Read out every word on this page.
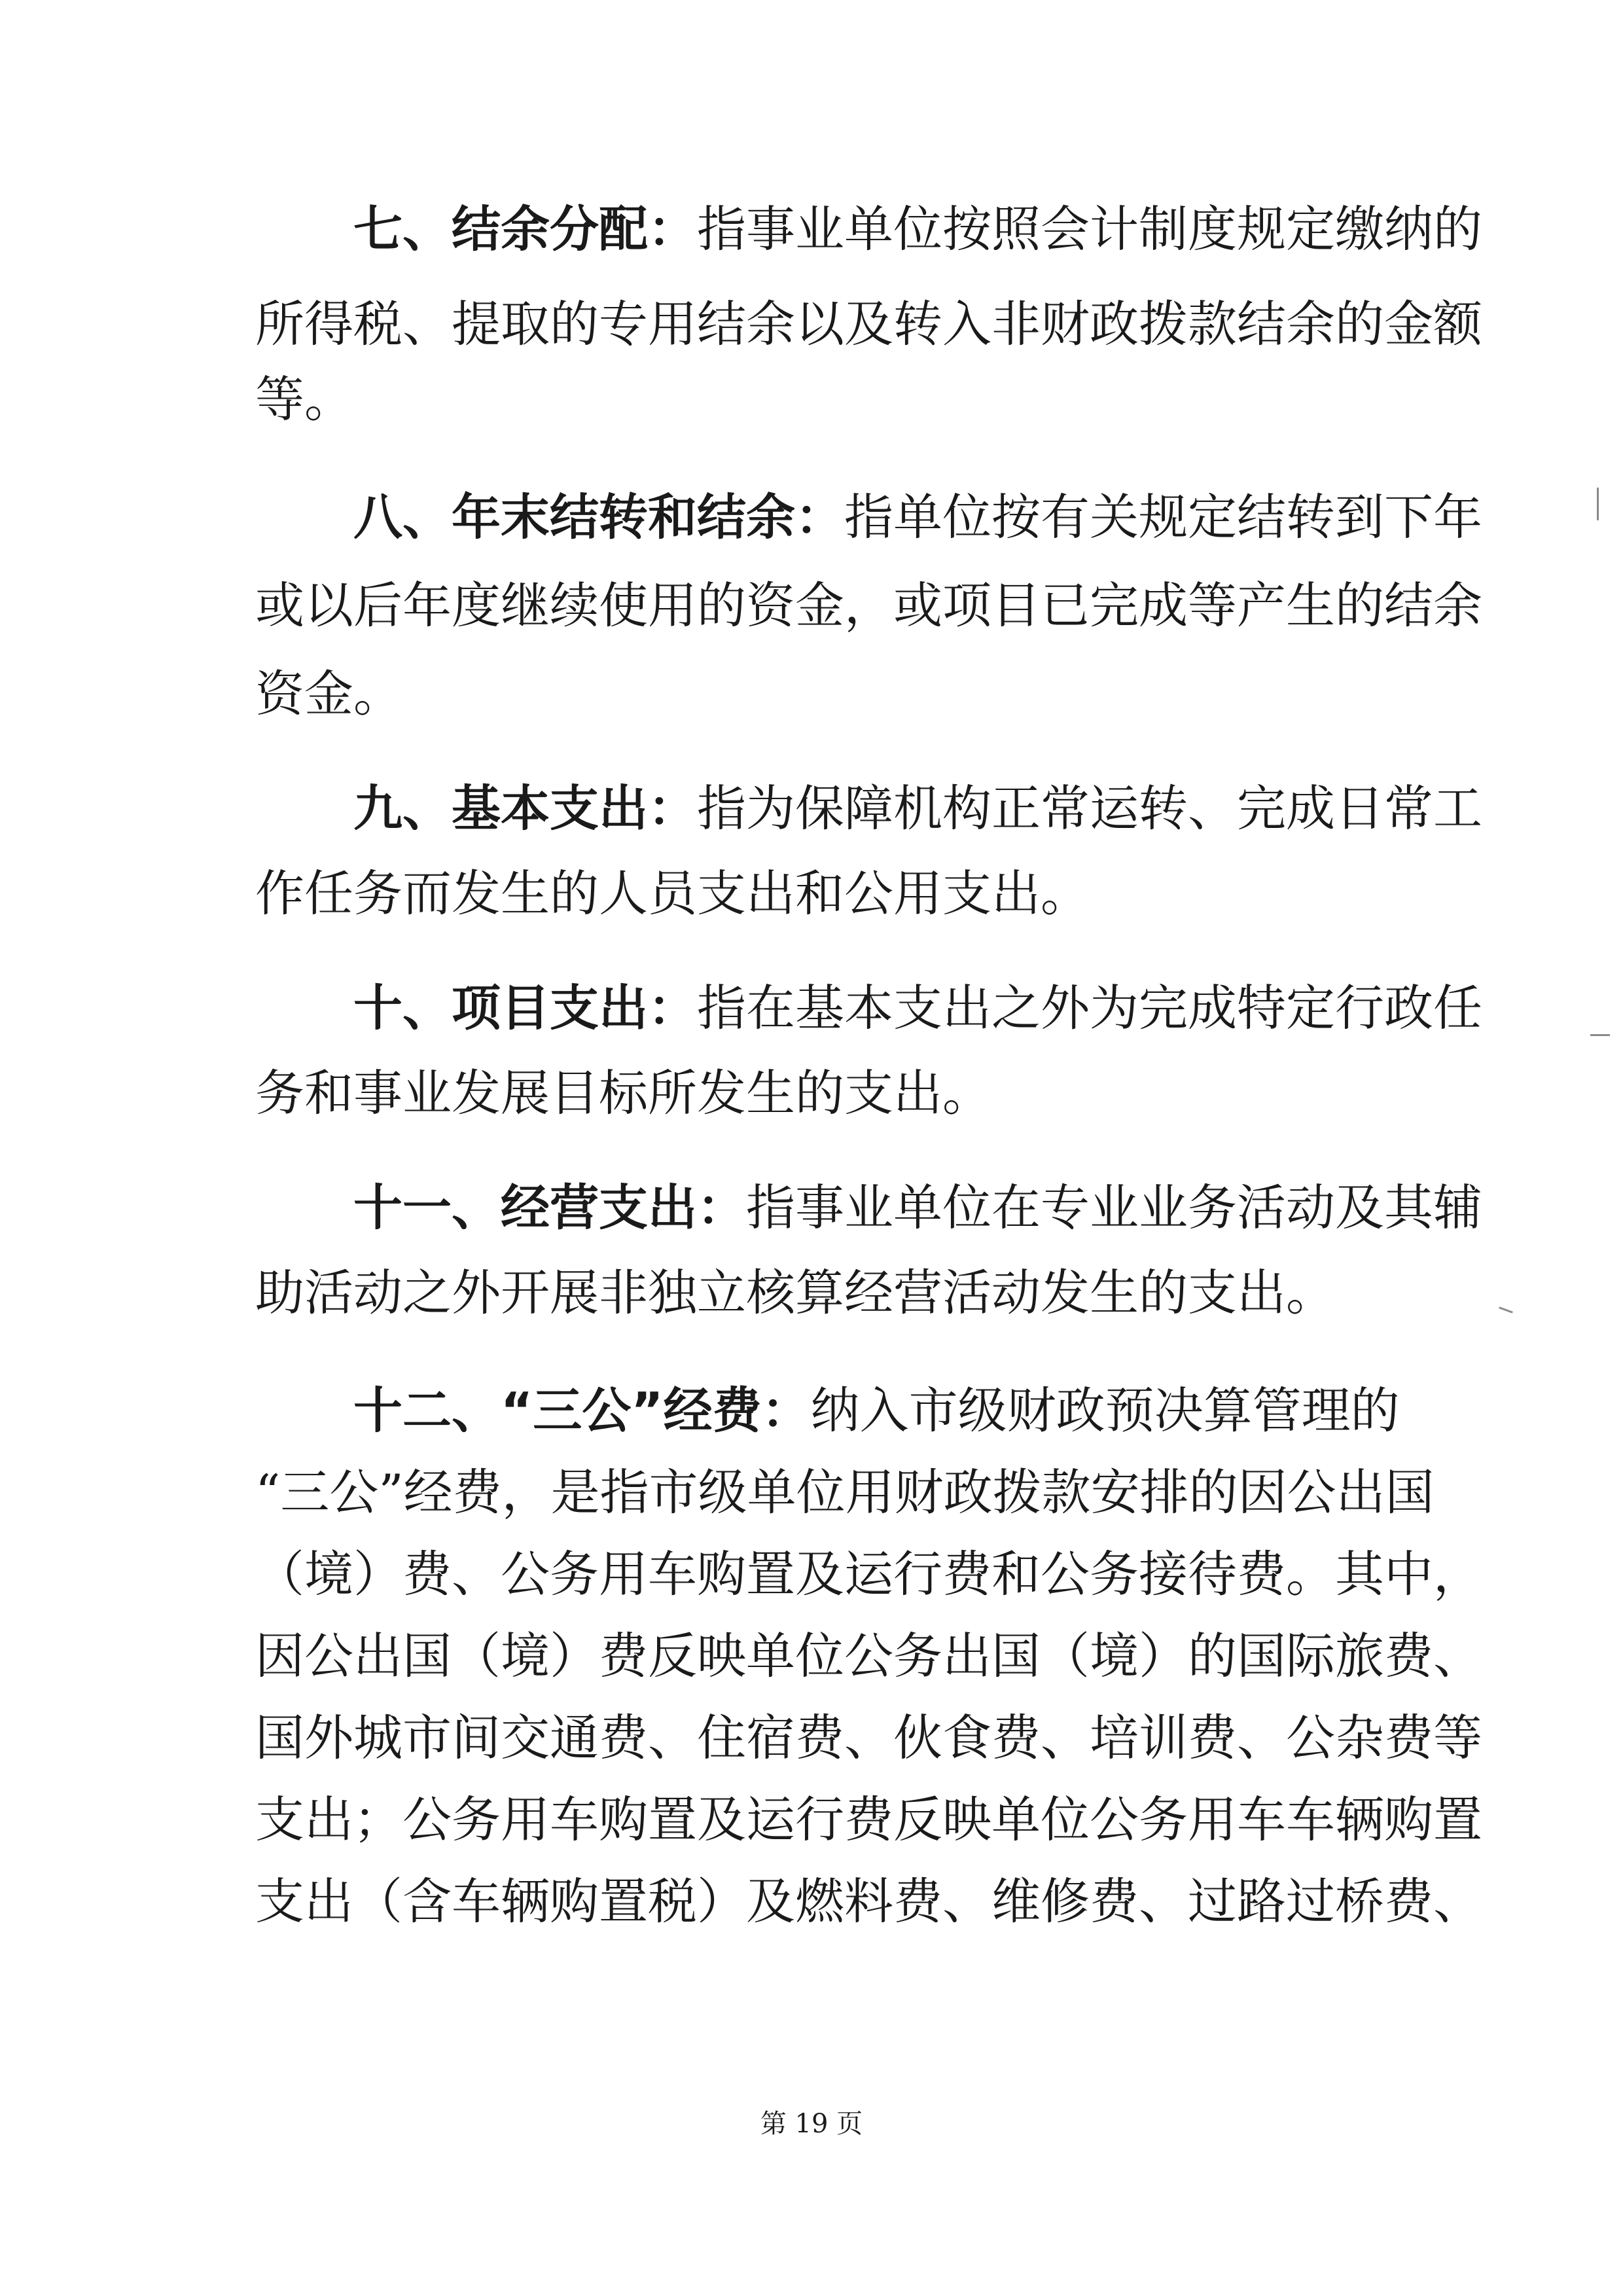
七、结余分配：指事业单位按照会计制度规定缴纳的
所得税、提取的专用结余以及转入非财政拨款结余的金额
等。
八、年末结转和结余：指单位按有关规定结转到下年
或以后年度继续使用的资金，或项目已完成等产生的结余
资金。
九、基本支出：指为保障机构正常运转、完成日常工
作任务而发生的人员支出和公用支出。
十、项目支出：指在基本支出之外为完成特定行政任
务和事业发展目标所发生的支出。
十一、经营支出：指事业单位在专业业务活动及其辅
助活动之外开展非独立核算经营活动发生的支出。
十二、“三公”经费：纳入市级财政预决算管理的
“三公”经费，是指市级单位用财政拨款安排的因公出国
（境）费、公务用车购置及运行费和公务接待费。其中，
因公出国（境）费反映单位公务出国（境）的国际旅费、
国外城市间交通费、住宿费、伙食费、培训费、公杂费等
支出；公务用车购置及运行费反映单位公务用车车辆购置
支出（含车辆购置税）及燃料费、维修费、过路过桥费、
第 19 页
